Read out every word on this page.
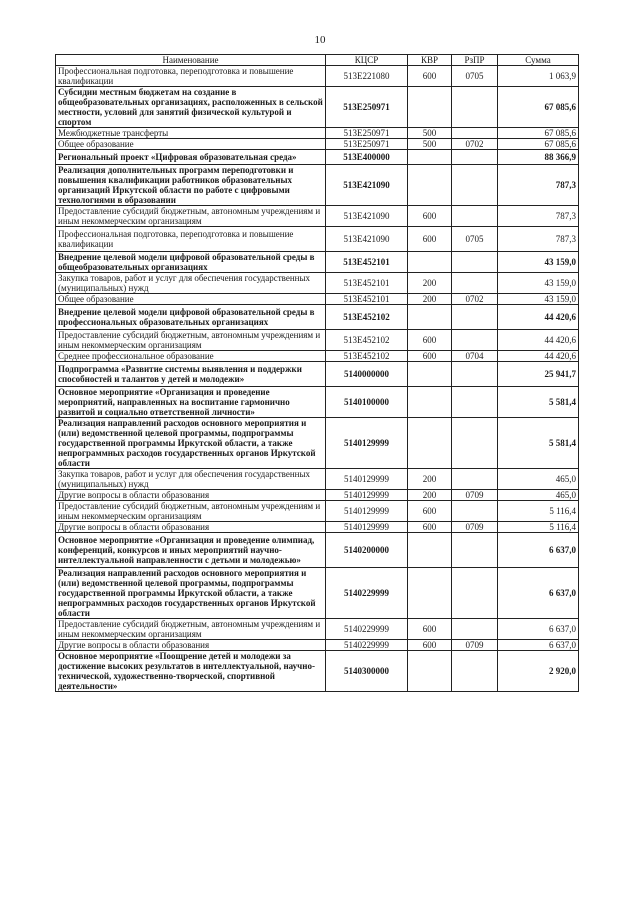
10
Наименование	КЦСР	КВР	РзПР	Сумма
Профессиональная подготовка, переподготовка и повышение квалификации	513E221080	600	0705	1 063,9
Субсидии местным бюджетам на создание в общеобразовательных организациях, расположенных в сельской местности, условий для занятий физической культурой и спортом	513E250971			67 085,6
Межбюджетные трансферты	513E250971	500		67 085,6
Общее образование	513E250971	500	0702	67 085,6
Региональный проект «Цифровая образовательная среда»	513E400000			88 366,9
Реализация дополнительных программ переподготовки и повышения квалификации работников образовательных организаций Иркутской области по работе с цифровыми технологиями в образовании	513E421090			787,3
Предоставление субсидий бюджетным, автономным учреждениям и иным некоммерческим организациям	513E421090	600		787,3
Профессиональная подготовка, переподготовка и повышение квалификации	513E421090	600	0705	787,3
Внедрение целевой модели цифровой образовательной среды в общеобразовательных организациях	513E452101			43 159,0
Закупка товаров, работ и услуг для обеспечения государственных (муниципальных) нужд	513E452101	200		43 159,0
Общее образование	513E452101	200	0702	43 159,0
Внедрение целевой модели цифровой образовательной среды в профессиональных образовательных организациях	513E452102			44 420,6
Предоставление субсидий бюджетным, автономным учреждениям и иным некоммерческим организациям	513E452102	600		44 420,6
Среднее профессиональное образование	513E452102	600	0704	44 420,6
Подпрограмма «Развитие системы выявления и поддержки способностей и талантов у детей и молодежи»	5140000000			25 941,7
Основное мероприятие «Организация и проведение мероприятий, направленных на воспитание гармонично развитой и социально ответственной личности»	5140100000			5 581,4
Реализация направлений расходов основного мероприятия и (или) ведомственной целевой программы, подпрограммы государственной программы Иркутской области, а также непрограммных расходов государственных органов Иркутской области	5140129999			5 581,4
Закупка товаров, работ и услуг для обеспечения государственных (муниципальных) нужд	5140129999	200		465,0
Другие вопросы в области образования	5140129999	200	0709	465,0
Предоставление субсидий бюджетным, автономным учреждениям и иным некоммерческим организациям	5140129999	600		5 116,4
Другие вопросы в области образования	5140129999	600	0709	5 116,4
Основное мероприятие «Организация и проведение олимпиад, конференций, конкурсов и иных мероприятий научно-интеллектуальной направленности с детьми и молодежью»	5140200000			6 637,0
Реализация направлений расходов основного мероприятия и (или) ведомственной целевой программы, подпрограммы государственной программы Иркутской области, а также непрограммных расходов государственных органов Иркутской области	5140229999			6 637,0
Предоставление субсидий бюджетным, автономным учреждениям и иным некоммерческим организациям	5140229999	600		6 637,0
Другие вопросы в области образования	5140229999	600	0709	6 637,0
Основное мероприятие «Поощрение детей и молодежи за достижение высоких результатов в интеллектуальной, научно-технической, художественно-творческой, спортивной деятельности»	5140300000			2 920,0
